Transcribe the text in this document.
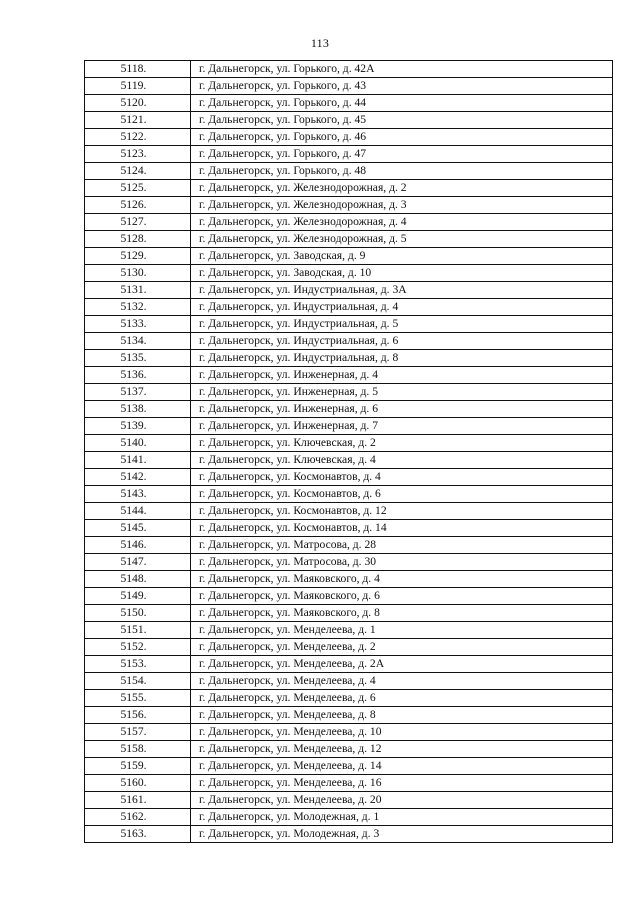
113
5118.	г. Дальнегорск, ул. Горького, д. 42А
5119.	г. Дальнегорск, ул. Горького, д. 43
5120.	г. Дальнегорск, ул. Горького, д. 44
5121.	г. Дальнегорск, ул. Горького, д. 45
5122.	г. Дальнегорск, ул. Горького, д. 46
5123.	г. Дальнегорск, ул. Горького, д. 47
5124.	г. Дальнегорск, ул. Горького, д. 48
5125.	г. Дальнегорск, ул. Железнодорожная, д. 2
5126.	г. Дальнегорск, ул. Железнодорожная, д. 3
5127.	г. Дальнегорск, ул. Железнодорожная, д. 4
5128.	г. Дальнегорск, ул. Железнодорожная, д. 5
5129.	г. Дальнегорск, ул. Заводская, д. 9
5130.	г. Дальнегорск, ул. Заводская, д. 10
5131.	г. Дальнегорск, ул. Индустриальная, д. 3А
5132.	г. Дальнегорск, ул. Индустриальная, д. 4
5133.	г. Дальнегорск, ул. Индустриальная, д. 5
5134.	г. Дальнегорск, ул. Индустриальная, д. 6
5135.	г. Дальнегорск, ул. Индустриальная, д. 8
5136.	г. Дальнегорск, ул. Инженерная, д. 4
5137.	г. Дальнегорск, ул. Инженерная, д. 5
5138.	г. Дальнегорск, ул. Инженерная, д. 6
5139.	г. Дальнегорск, ул. Инженерная, д. 7
5140.	г. Дальнегорск, ул. Ключевская, д. 2
5141.	г. Дальнегорск, ул. Ключевская, д. 4
5142.	г. Дальнегорск, ул. Космонавтов, д. 4
5143.	г. Дальнегорск, ул. Космонавтов, д. 6
5144.	г. Дальнегорск, ул. Космонавтов, д. 12
5145.	г. Дальнегорск, ул. Космонавтов, д. 14
5146.	г. Дальнегорск, ул. Матросова, д. 28
5147.	г. Дальнегорск, ул. Матросова, д. 30
5148.	г. Дальнегорск, ул. Маяковского, д. 4
5149.	г. Дальнегорск, ул. Маяковского, д. 6
5150.	г. Дальнегорск, ул. Маяковского, д. 8
5151.	г. Дальнегорск, ул. Менделеева, д. 1
5152.	г. Дальнегорск, ул. Менделеева, д. 2
5153.	г. Дальнегорск, ул. Менделеева, д. 2А
5154.	г. Дальнегорск, ул. Менделеева, д. 4
5155.	г. Дальнегорск, ул. Менделеева, д. 6
5156.	г. Дальнегорск, ул. Менделеева, д. 8
5157.	г. Дальнегорск, ул. Менделеева, д. 10
5158.	г. Дальнегорск, ул. Менделеева, д. 12
5159.	г. Дальнегорск, ул. Менделеева, д. 14
5160.	г. Дальнегорск, ул. Менделеева, д. 16
5161.	г. Дальнегорск, ул. Менделеева, д. 20
5162.	г. Дальнегорск, ул. Молодежная, д. 1
5163.	г. Дальнегорск, ул. Молодежная, д. 3
